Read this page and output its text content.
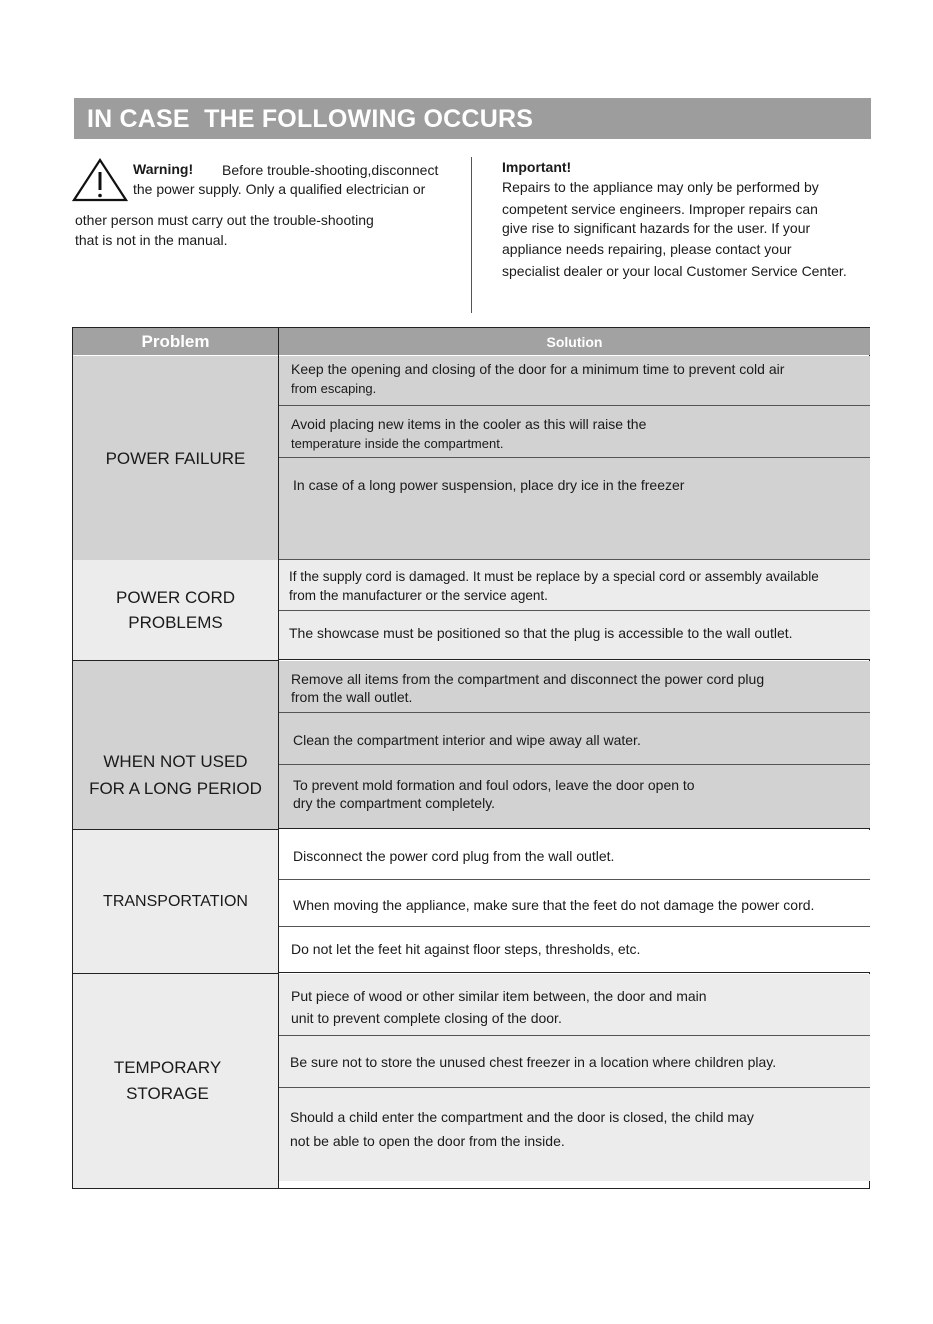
IN CASE  THE FOLLOWING OCCURS
Warning! Before trouble-shooting,disconnect
the power supply. Only a qualified electrician or
other person must carry out the trouble-shooting
that is not in the manual.
Important!
Repairs to the appliance may only be performed by
competent service engineers. Improper repairs can
give rise to significant hazards for the user. If your
appliance needs repairing, please contact your
specialist dealer or your local Customer Service Center.
Problem	Solution
POWER FAILURE
Keep the opening and closing of the door for a minimum time to prevent cold air
from escaping.
Avoid placing new items in the cooler as this will raise the
temperature inside the compartment.
In case of a long power suspension, place dry ice in the freezer
POWER CORD
PROBLEMS
If the supply cord is damaged. It must be replace by a special cord or assembly available
from the manufacturer or the service agent.
The showcase must be positioned so that the plug is accessible to the wall outlet.
WHEN NOT USED
FOR A LONG PERIOD
Remove all items from the compartment and disconnect the power cord plug
from the wall outlet.
Clean the compartment interior and wipe away all water.
To prevent mold formation and foul odors, leave the door open to
dry the compartment completely.
TRANSPORTATION
Disconnect the power cord plug from the wall outlet.
When moving the appliance, make sure that the feet do not damage the power cord.
Do not let the feet hit against floor steps, thresholds, etc.
TEMPORARY
STORAGE
Put piece of wood or other similar item between, the door and main
unit to prevent complete closing of the door.
Be sure not to store the unused chest freezer in a location where children play.
Should a child enter the compartment and the door is closed, the child may
not be able to open the door from the inside.
